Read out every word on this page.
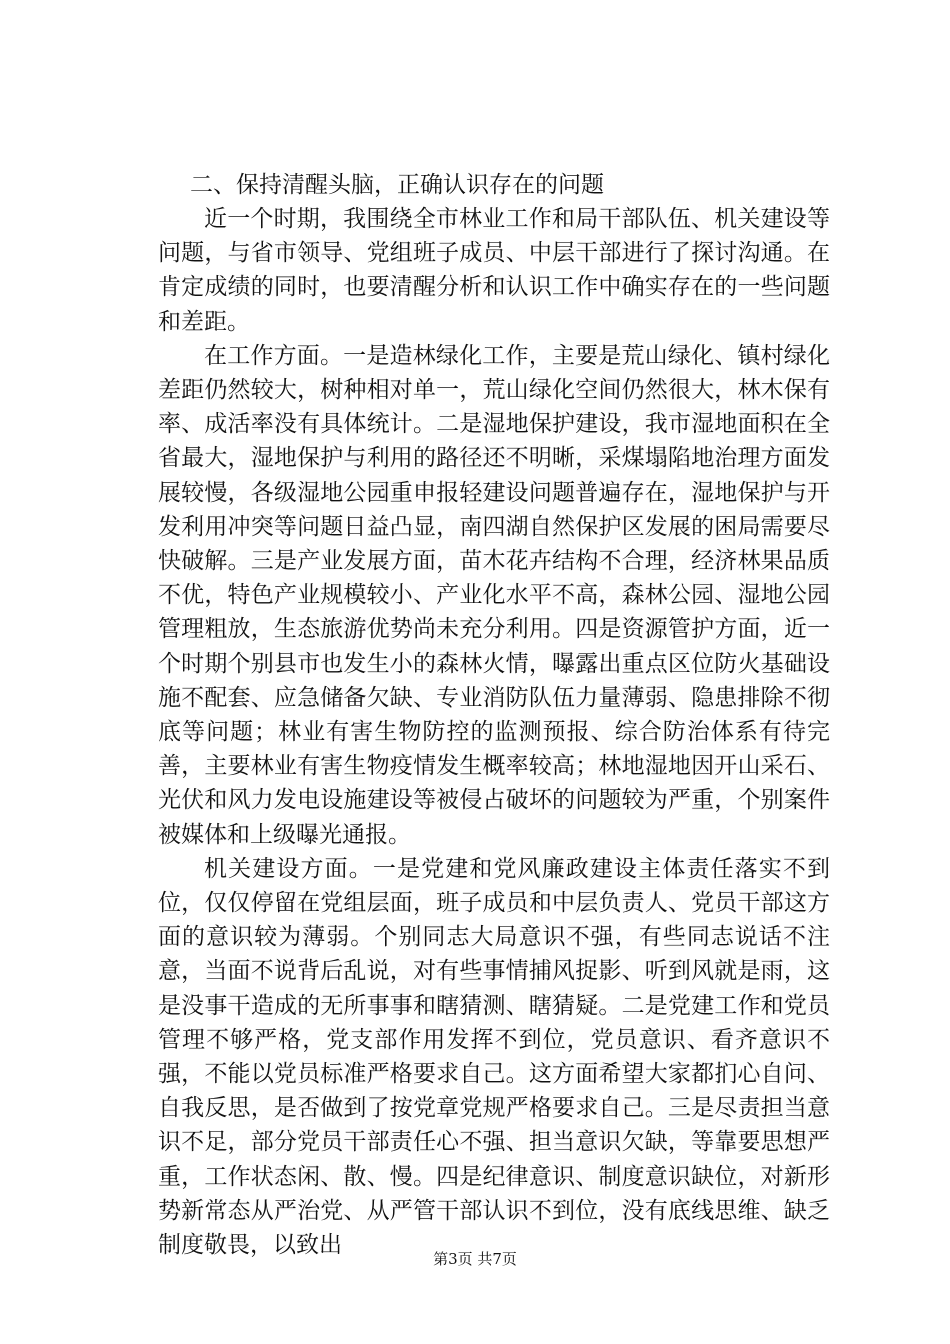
二、保持清醒头脑，正确认识存在的问题

近一个时期，我围绕全市林业工作和局干部队伍、机关建设等问题，与省市领导、党组班子成员、中层干部进行了探讨沟通。在肯定成绩的同时，也要清醒分析和认识工作中确实存在的一些问题和差距。

在工作方面。一是造林绿化工作，主要是荒山绿化、镇村绿化差距仍然较大，树种相对单一，荒山绿化空间仍然很大，林木保有率、成活率没有具体统计。二是湿地保护建设，我市湿地面积在全省最大，湿地保护与利用的路径还不明晰，采煤塌陷地治理方面发展较慢，各级湿地公园重申报轻建设问题普遍存在，湿地保护与开发利用冲突等问题日益凸显，南四湖自然保护区发展的困局需要尽快破解。三是产业发展方面，苗木花卉结构不合理，经济林果品质不优，特色产业规模较小、产业化水平不高，森林公园、湿地公园管理粗放，生态旅游优势尚未充分利用。四是资源管护方面，近一个时期个别县市也发生小的森林火情，曝露出重点区位防火基础设施不配套、应急储备欠缺、专业消防队伍力量薄弱、隐患排除不彻底等问题；林业有害生物防控的监测预报、综合防治体系有待完善，主要林业有害生物疫情发生概率较高；林地湿地因开山采石、光伏和风力发电设施建设等被侵占破坏的问题较为严重，个别案件被媒体和上级曝光通报。

机关建设方面。一是党建和党风廉政建设主体责任落实不到位，仅仅停留在党组层面，班子成员和中层负责人、党员干部这方面的意识较为薄弱。个别同志大局意识不强，有些同志说话不注意，当面不说背后乱说，对有些事情捕风捉影、听到风就是雨，这是没事干造成的无所事事和瞎猜测、瞎猜疑。二是党建工作和党员管理不够严格，党支部作用发挥不到位，党员意识、看齐意识不强，不能以党员标准严格要求自己。这方面希望大家都扪心自问、自我反思，是否做到了按党章党规严格要求自己。三是尽责担当意识不足，部分党员干部责任心不强、担当意识欠缺，等靠要思想严重，工作状态闲、散、慢。四是纪律意识、制度意识缺位，对新形势新常态从严治党、从严管干部认识不到位，没有底线思维、缺乏制度敬畏，以致出

第3页 共7页
